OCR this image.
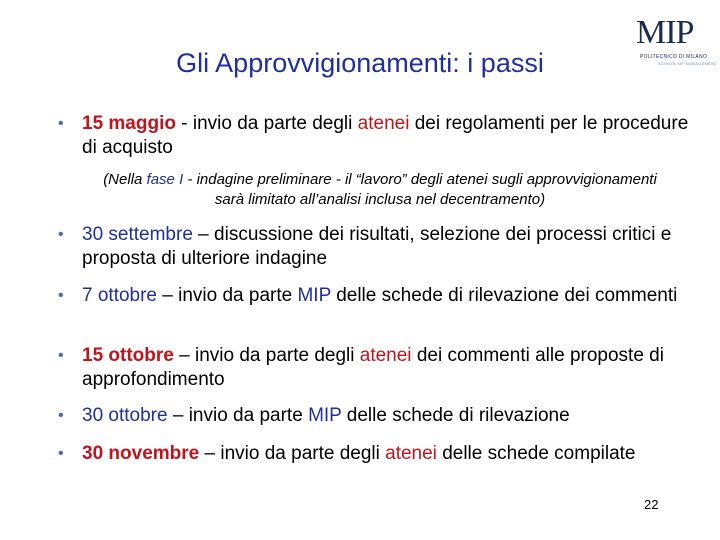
Gli Approvvigionamenti: i passi
MIP
POLITECNICO DI MILANO
SCHOOL OF MANAGEMENT
• 15 maggio - invio da parte degli atenei dei regolamenti per le procedure di acquisto
(Nella fase I - indagine preliminare - il “lavoro” degli atenei sugli approvvigionamenti sarà limitato all’analisi inclusa nel decentramento)
• 30 settembre – discussione dei risultati, selezione dei processi critici e proposta di ulteriore indagine
• 7 ottobre – invio da parte MIP delle schede di rilevazione dei commenti
• 15 ottobre – invio da parte degli atenei dei commenti alle proposte di approfondimento
• 30 ottobre – invio da parte MIP delle schede di rilevazione
• 30 novembre – invio da parte degli atenei delle schede compilate
22
